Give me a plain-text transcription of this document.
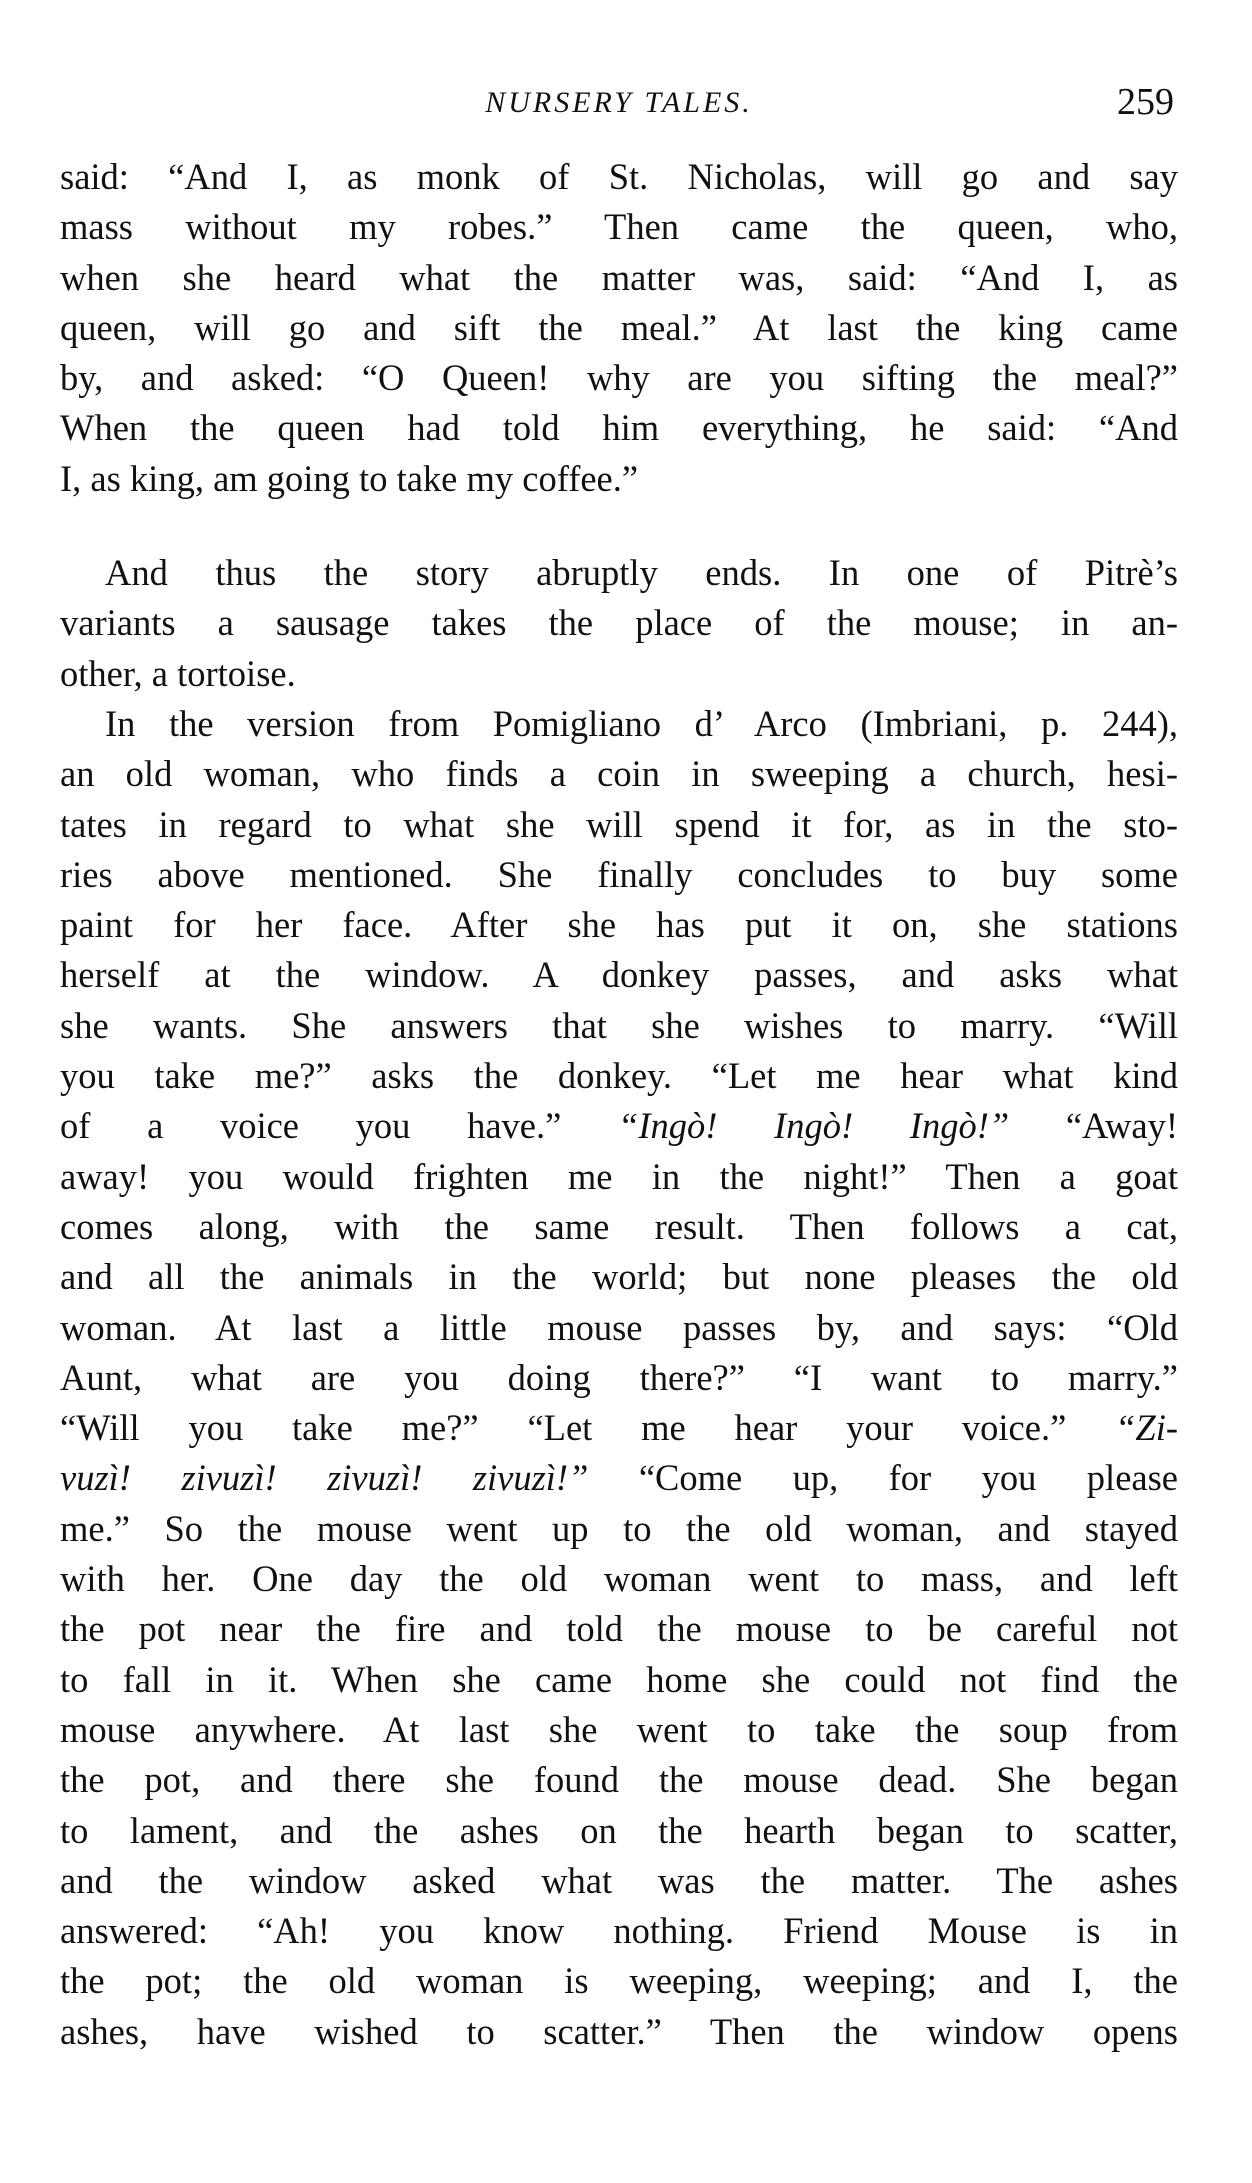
NURSERY TALES.	259
said: “And I, as monk of St. Nicholas, will go and say
mass without my robes.” Then came the queen, who,
when she heard what the matter was, said: “And I, as
queen, will go and sift the meal.” At last the king came
by, and asked: “O Queen! why are you sifting the meal?”
When the queen had told him everything, he said: “And
I, as king, am going to take my coffee.”
And thus the story abruptly ends. In one of Pitrè’s
variants a sausage takes the place of the mouse; in an-
other, a tortoise.
In the version from Pomigliano d’ Arco (Imbriani, p. 244),
an old woman, who finds a coin in sweeping a church, hesi-
tates in regard to what she will spend it for, as in the sto-
ries above mentioned. She finally concludes to buy some
paint for her face. After she has put it on, she stations
herself at the window. A donkey passes, and asks what
she wants. She answers that she wishes to marry. “Will
you take me?” asks the donkey. “Let me hear what kind
of a voice you have.” “Ingò! Ingò! Ingò!” “Away!
away! you would frighten me in the night!” Then a goat
comes along, with the same result. Then follows a cat,
and all the animals in the world; but none pleases the old
woman. At last a little mouse passes by, and says: “Old
Aunt, what are you doing there?” “I want to marry.”
“Will you take me?” “Let me hear your voice.” “Zi-
vuzì! zivuzì! zivuzì! zivuzì!” “Come up, for you please
me.” So the mouse went up to the old woman, and stayed
with her. One day the old woman went to mass, and left
the pot near the fire and told the mouse to be careful not
to fall in it. When she came home she could not find the
mouse anywhere. At last she went to take the soup from
the pot, and there she found the mouse dead. She began
to lament, and the ashes on the hearth began to scatter,
and the window asked what was the matter. The ashes
answered: “Ah! you know nothing. Friend Mouse is in
the pot; the old woman is weeping, weeping; and I, the
ashes, have wished to scatter.” Then the window opens
